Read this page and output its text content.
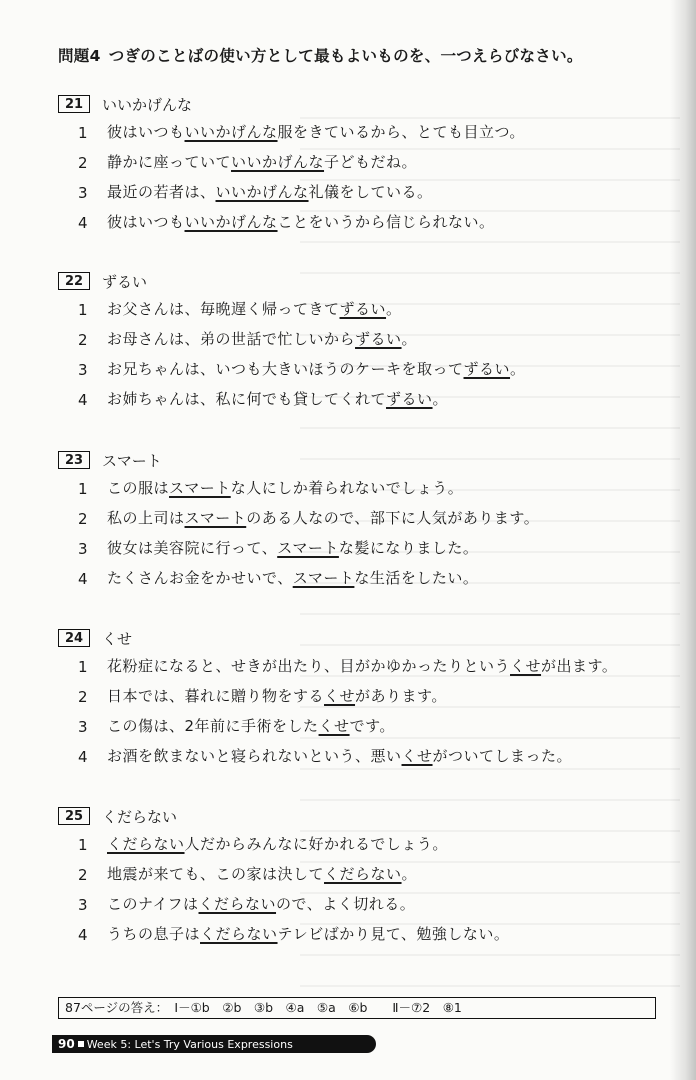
問題4 つぎのことばの使い方として最もよいものを、一つえらびなさい。
21	いいかげんな
1 彼はいつもいいかげんな服をきているから、とても目立つ。
2 静かに座っていていいかげんな子どもだね。
3 最近の若者は、いいかげんな礼儀をしている。
4 彼はいつもいいかげんなことをいうから信じられない。
22	ずるい
1 お父さんは、毎晩遅く帰ってきてずるい。
2 お母さんは、弟の世話で忙しいからずるい。
3 お兄ちゃんは、いつも大きいほうのケーキを取ってずるい。
4 お姉ちゃんは、私に何でも貸してくれてずるい。
23	スマート
1 この服はスマートな人にしか着られないでしょう。
2 私の上司はスマートのある人なので、部下に人気があります。
3 彼女は美容院に行って、スマートな髪になりました。
4 たくさんお金をかせいで、スマートな生活をしたい。
24	くせ
1 花粉症になると、せきが出たり、目がかゆかったりというくせが出ます。
2 日本では、暮れに贈り物をするくせがあります。
3 この傷は、2年前に手術をしたくせです。
4 お酒を飲まないと寝られないという、悪いくせがついてしまった。
25	くだらない
1 くだらない人だからみんなに好かれるでしょう。
2 地震が来ても、この家は決してくだらない。
3 このナイフはくだらないので、よく切れる。
4 うちの息子はくだらないテレビばかり見て、勉強しない。
87ページの答え：　Ⅰ－①b　②b　③b　④a　⑤a　⑥b　　Ⅱ－⑦2　⑧1
90 Week 5: Let's Try Various Expressions
